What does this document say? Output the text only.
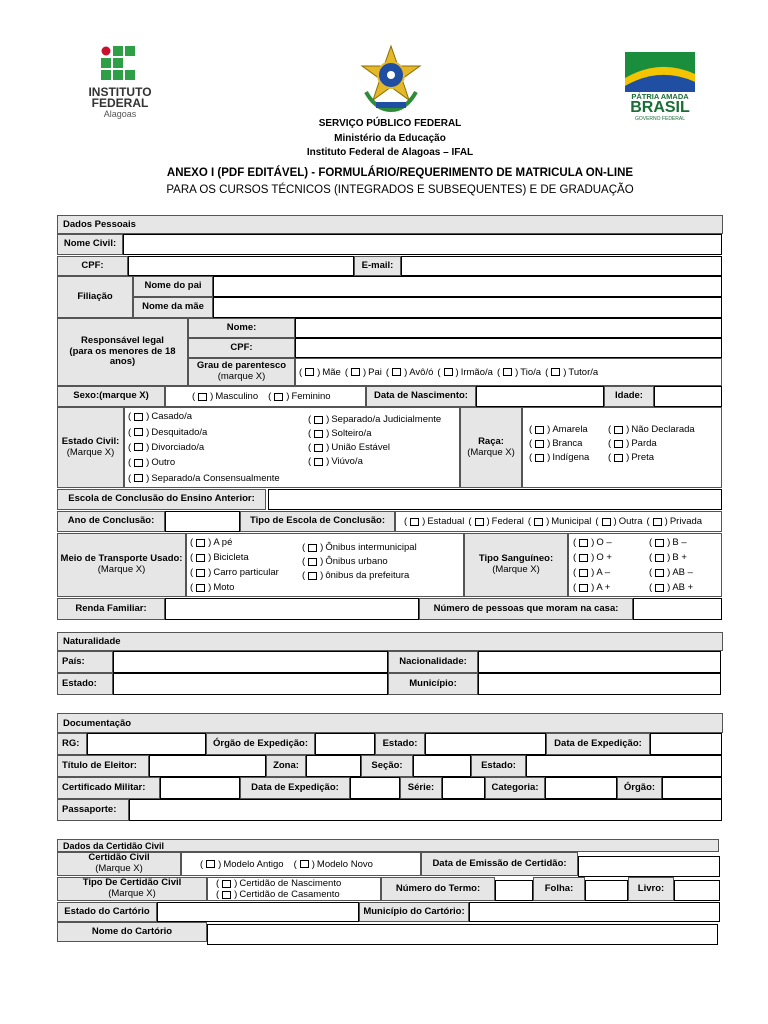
INSTITUTO
FEDERAL
Alagoas
PÁTRIA AMADA
BRASIL
GOVERNO FEDERAL
SERVIÇO PÚBLICO FEDERAL
Ministério da Educação
Instituto Federal de Alagoas – IFAL
ANEXO I (PDF EDITÁVEL) - FORMULÁRIO/REQUERIMENTO DE MATRICULA ON-LINE
PARA OS CURSOS TÉCNICOS (INTEGRADOS E SUBSEQUENTES) E DE GRADUAÇÃO
Dados Pessoais
Nome Civil:
CPF:	E-mail:
Filiação
Nome do pai
Nome da mãe
Responsável legal
(para os menores de 18 anos)
Nome:
CPF:
Grau de parentesco
(marque X) (	) Mãe (	) Pai (	) Avô/ó (	) Irmão/a (	) Tio/a (	) Tutor/a
Sexo:(marque X) (	) Masculino (	) Feminino	Data de Nascimento:	Idade:
Estado Civil:
(Marque X)
(
) Casado/a
(
) Desquitado/a
(
) Divorciado/a
(
) Outro
(
) Separado/a Consensualmente
(
) Separado/a Judicialmente
(
) Solteiro/a
(
) União Estável
(
) Viúvo/a
Raça:
(Marque X)
(
) Amarela
(
) Branca
(
) Indígena
(
) Não Declarada
(
) Parda
(
) Preta
Escola de Conclusão do Ensino Anterior:
Ano de Conclusão:	Tipo de Escola de Conclusão: (	) Estadual (	) Federal (	) Municipal (	) Outra (	) Privada
Meio de Transporte Usado:
(Marque X)
(
) A pé
(
) Bicicleta
(
) Carro particular
(
) Moto
(
) Ônibus intermunicipal
(
) Ônibus urbano
(
) ônibus da prefeitura
Tipo Sanguíneo:
(Marque X)
(
) O –
(
) O +
(
) A –
(
) A +
(
) B –
(
) B +
(
) AB –
(
) AB +
Renda Familiar:	Número de pessoas que moram na casa:
Naturalidade
País:	Nacionalidade:
Estado:	Município:
Documentação
RG:	Órgão de Expedição:	Estado:	Data de Expedição:
Título de Eleitor:	Zona:	Seção:	Estado:
Certificado Militar:	Data de Expedição:	Série:	Categoria:	Órgão:
Passaporte:
Dados da Certidão Civil
Certidão Civil
(Marque X) (	) Modelo Antigo (	) Modelo Novo	Data de Emissão de Certidão:
Tipo De Certidão Civil
(Marque X)
(
) Certidão de Nascimento
(
) Certidão de Casamento
Número do Termo:	Folha:	Livro:
Estado do Cartório	Município do Cartório:
Nome do Cartório
